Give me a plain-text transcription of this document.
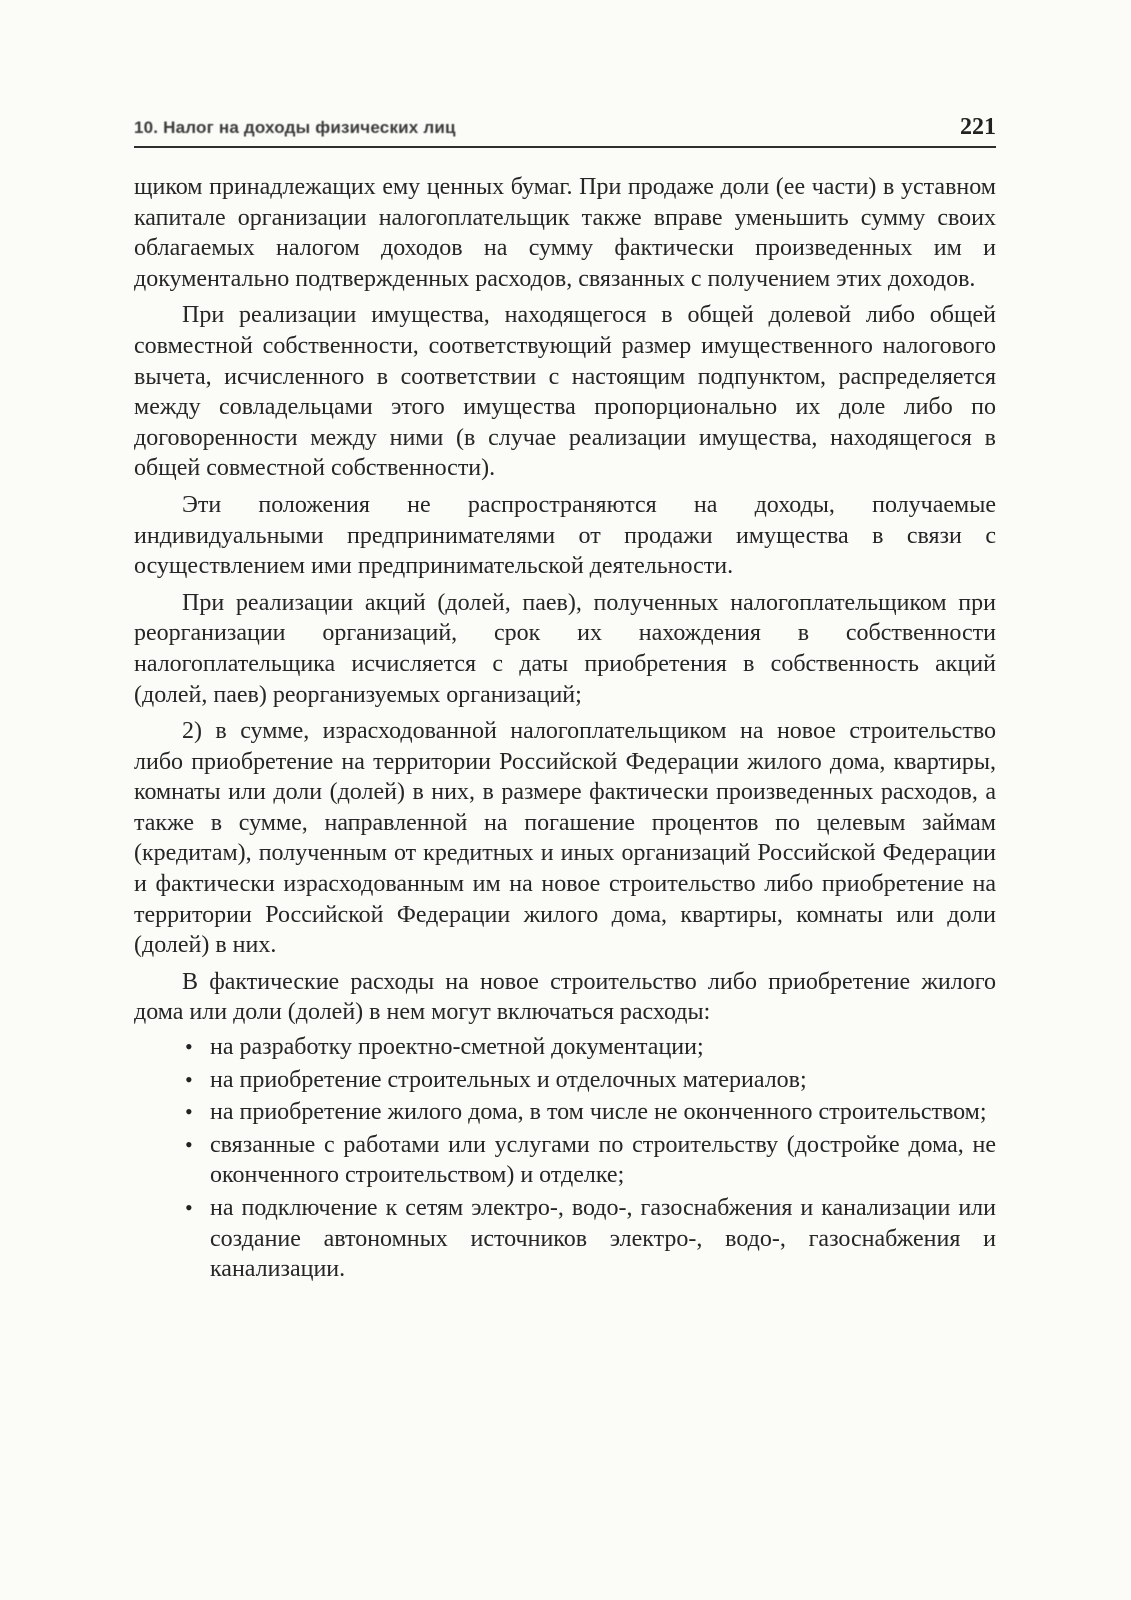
10. Налог на доходы физических лиц	221

щиком принадлежащих ему ценных бумаг. При продаже доли (ее части) в уставном капитале организации налогоплательщик также вправе уменьшить сумму своих облагаемых налогом доходов на сумму фактически произведенных им и документально подтвержденных расходов, связанных с получением этих доходов.

При реализации имущества, находящегося в общей долевой либо общей совместной собственности, соответствующий размер имущественного налогового вычета, исчисленного в соответствии с настоящим подпунктом, распределяется между совладельцами этого имущества пропорционально их доле либо по договоренности между ними (в случае реализации имущества, находящегося в общей совместной собственности).

Эти положения не распространяются на доходы, получаемые индивидуальными предпринимателями от продажи имущества в связи с осуществлением ими предпринимательской деятельности.

При реализации акций (долей, паев), полученных налогоплательщиком при реорганизации организаций, срок их нахождения в собственности налогоплательщика исчисляется с даты приобретения в собственность акций (долей, паев) реорганизуемых организаций;

2) в сумме, израсходованной налогоплательщиком на новое строительство либо приобретение на территории Российской Федерации жилого дома, квартиры, комнаты или доли (долей) в них, в размере фактически произведенных расходов, а также в сумме, направленной на погашение процентов по целевым займам (кредитам), полученным от кредитных и иных организаций Российской Федерации и фактически израсходованным им на новое строительство либо приобретение на территории Российской Федерации жилого дома, квартиры, комнаты или доли (долей) в них.

В фактические расходы на новое строительство либо приобретение жилого дома или доли (долей) в нем могут включаться расходы:

• на разработку проектно-сметной документации;
• на приобретение строительных и отделочных материалов;
• на приобретение жилого дома, в том числе не оконченного строительством;
• связанные с работами или услугами по строительству (достройке дома, не оконченного строительством) и отделке;
• на подключение к сетям электро-, водо-, газоснабжения и канализации или создание автономных источников электро-, водо-, газоснабжения и канализации.
